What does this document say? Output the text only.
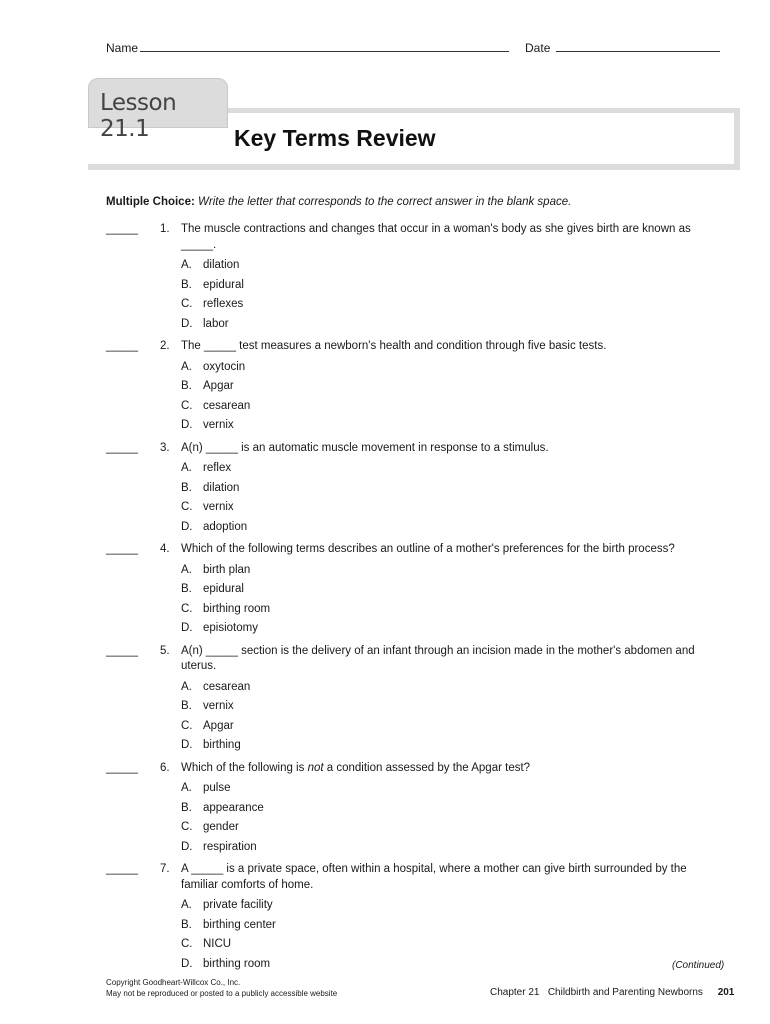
Name	Date
Lesson 21.1	Key Terms Review
Multiple Choice: Write the letter that corresponds to the correct answer in the blank space.
_____ 1. The muscle contractions and changes that occur in a woman's body as she gives birth are known as _____.
A. dilation
B. epidural
C. reflexes
D. labor
_____ 2. The _____ test measures a newborn's health and condition through five basic tests.
A. oxytocin
B. Apgar
C. cesarean
D. vernix
_____ 3. A(n) _____ is an automatic muscle movement in response to a stimulus.
A. reflex
B. dilation
C. vernix
D. adoption
_____ 4. Which of the following terms describes an outline of a mother's preferences for the birth process?
A. birth plan
B. epidural
C. birthing room
D. episiotomy
_____ 5. A(n) _____ section is the delivery of an infant through an incision made in the mother's abdomen and uterus.
A. cesarean
B. vernix
C. Apgar
D. birthing
_____ 6. Which of the following is not a condition assessed by the Apgar test?
A. pulse
B. appearance
C. gender
D. respiration
_____ 7. A _____ is a private space, often within a hospital, where a mother can give birth surrounded by the familiar comforts of home.
A. private facility
B. birthing center
C. NICU
D. birthing room	(Continued)
Copyright Goodheart-Willcox Co., Inc.
May not be reproduced or posted to a publicly accessible website	Chapter 21   Childbirth and Parenting Newborns 201
